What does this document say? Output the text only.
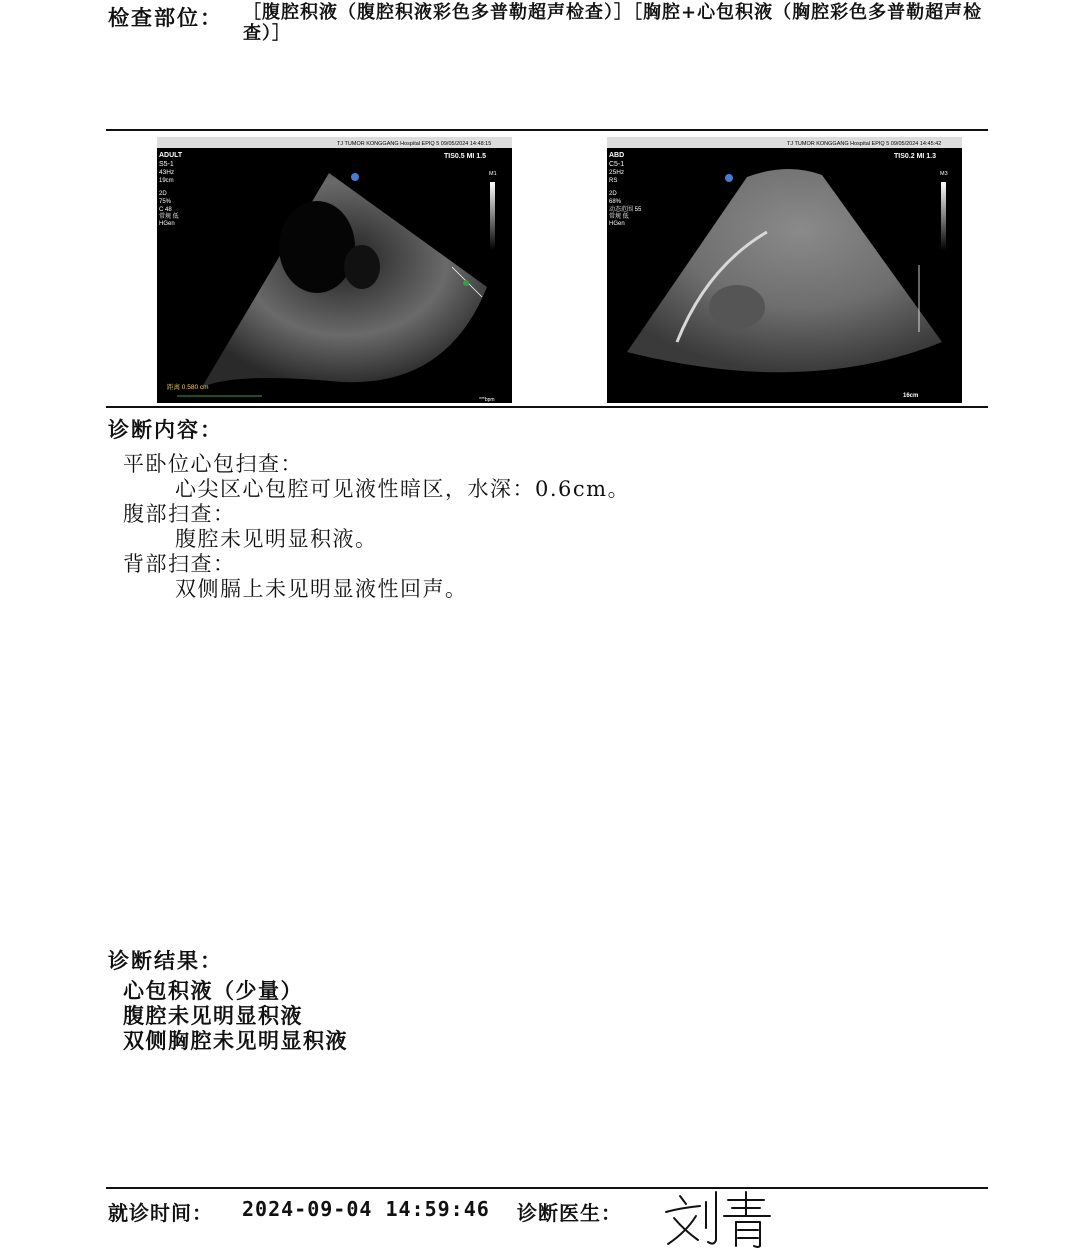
检查部位： ［腹腔积液（腹腔积液彩色多普勒超声检查）］［胸腔+心包积液（胸腔彩色多普勒超声检查）］
TJ TUMOR KONGGANG Hospital EPIQ 5 09/05/2024 14:48:15
ADULT
S5-1
43Hz
19cm
2D
75%
C 48
常规 低
HGen
TIS0.5 MI 1.5
M1
距离 0.580 cm
***bpm
TJ TUMOR KONGGANG Hospital EPIQ 5 09/05/2024 14:45:42
ABD
C5-1
25Hz
RS
2D
68%
动态范围 55
常规 低
HGen
TIS0.2 MI 1.3
M3
16cm
诊断内容：
平卧位心包扫查：
心尖区心包腔可见液性暗区，水深：0.6cm。
腹部扫查：
腹腔未见明显积液。
背部扫查：
双侧膈上未见明显液性回声。
诊断结果：
心包积液（少量）
腹腔未见明显积液
双侧胸腔未见明显积液
就诊时间： 2024-09-04 14:59:46 诊断医生：
